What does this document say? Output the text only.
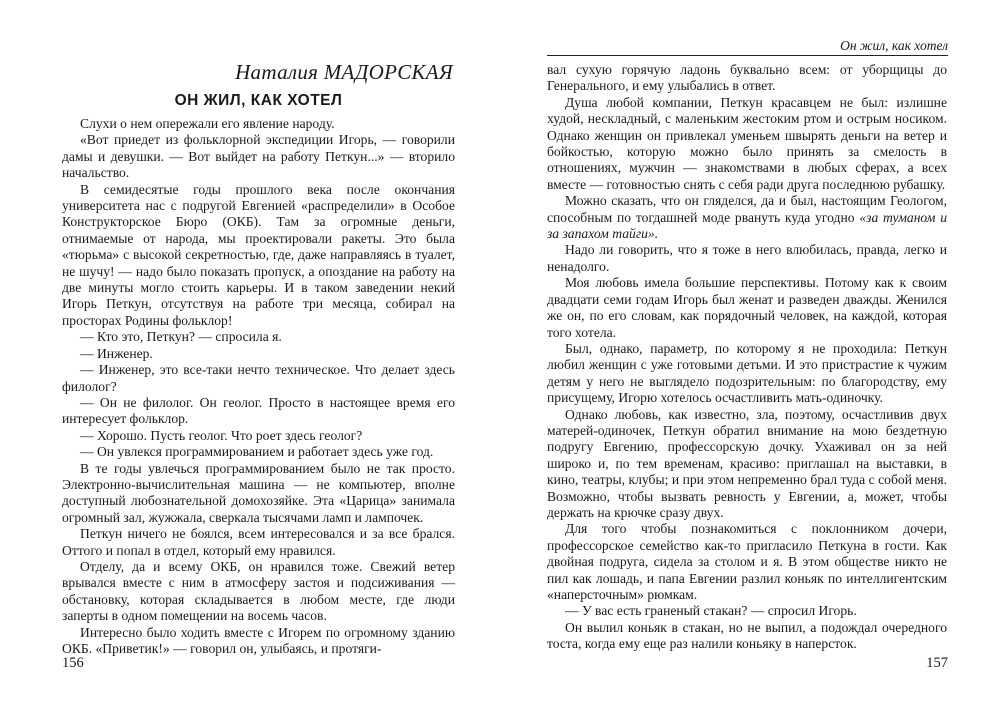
Наталия МАДОРСКАЯ
ОН ЖИЛ, КАК ХОТЕЛ

Слухи о нем опережали его явление народу.

«Вот приедет из фольклорной экспедиции Игорь, — говорили дамы и девушки. — Вот выйдет на работу Петкун...» — вторило начальство.

В семидесятые годы прошлого века после окончания университета нас с подругой Евгенией «распределили» в Особое Конструкторское Бюро (ОКБ). Там за огромные деньги, отнимаемые от народа, мы проектировали ракеты. Это была «тюрьма» с высокой секретностью, где, даже направляясь в туалет, не шучу! — надо было показать пропуск, а опоздание на работу на две минуты могло стоить карьеры. И в таком заведении некий Игорь Петкун, отсутствуя на работе три месяца, собирал на просторах Родины фольклор!

— Кто это, Петкун? — спросила я.

— Инженер.

— Инженер, это все-таки нечто техническое. Что делает здесь филолог?

— Он не филолог. Он геолог. Просто в настоящее время его интересует фольклор.

— Хорошо. Пусть геолог. Что роет здесь геолог?

— Он увлекся программированием и работает здесь уже год.

В те годы увлечься программированием было не так просто. Электронно-вычислительная машина — не компьютер, вполне доступный любознательной домохозяйке. Эта «Царица» занимала огромный зал, жужжала, сверкала тысячами ламп и лампочек.

Петкун ничего не боялся, всем интересовался и за все брался. Оттого и попал в отдел, который ему нравился.

Отделу, да и всему ОКБ, он нравился тоже. Свежий ветер врывался вместе с ним в атмосферу застоя и подсиживания — обстановку, которая складывается в любом месте, где люди заперты в одном помещении на восемь часов.

Интересно было ходить вместе с Игорем по огромному зданию ОКБ. «Приветик!» — говорил он, улыбаясь, и протяги-

156
Он жил, как хотел

вал сухую горячую ладонь буквально всем: от уборщицы до Генерального, и ему улыбались в ответ.

Душа любой компании, Петкун красавцем не был: излишне худой, нескладный, с маленьким жестоким ртом и острым носиком. Однако женщин он привлекал уменьем швырять деньги на ветер и бойкостью, которую можно было принять за смелость в отношениях, мужчин — знакомствами в любых сферах, а всех вместе — готовностью снять с себя ради друга последнюю рубашку.

Можно сказать, что он гляделся, да и был, настоящим Геологом, способным по тогдашней моде рвануть куда угодно «за туманом и за запахом тайги».

Надо ли говорить, что я тоже в него влюбилась, правда, легко и ненадолго.

Моя любовь имела большие перспективы. Потому как к своим двадцати семи годам Игорь был женат и разведен дважды. Женился же он, по его словам, как порядочный человек, на каждой, которая того хотела.

Был, однако, параметр, по которому я не проходила: Петкун любил женщин с уже готовыми детьми. И это пристрастие к чужим детям у него не выглядело подозрительным: по благородству, ему присущему, Игорю хотелось осчастливить мать-одиночку.

Однако любовь, как известно, зла, поэтому, осчастливив двух матерей-одиночек, Петкун обратил внимание на мою бездетную подругу Евгению, профессорскую дочку. Ухаживал он за ней широко и, по тем временам, красиво: приглашал на выставки, в кино, театры, клубы; и при этом непременно брал туда с собой меня. Возможно, чтобы вызвать ревность у Евгении, а, может, чтобы держать на крючке сразу двух.

Для того чтобы познакомиться с поклонником дочери, профессорское семейство как-то пригласило Петкуна в гости. Как двойная подруга, сидела за столом и я. В этом обществе никто не пил как лошадь, и папа Евгении разлил коньяк по интеллигентским «наперсточным» рюмкам.

— У вас есть граненый стакан? — спросил Игорь.

Он вылил коньяк в стакан, но не выпил, а подождал очередного тоста, когда ему еще раз налили коньяку в наперсток.

157
